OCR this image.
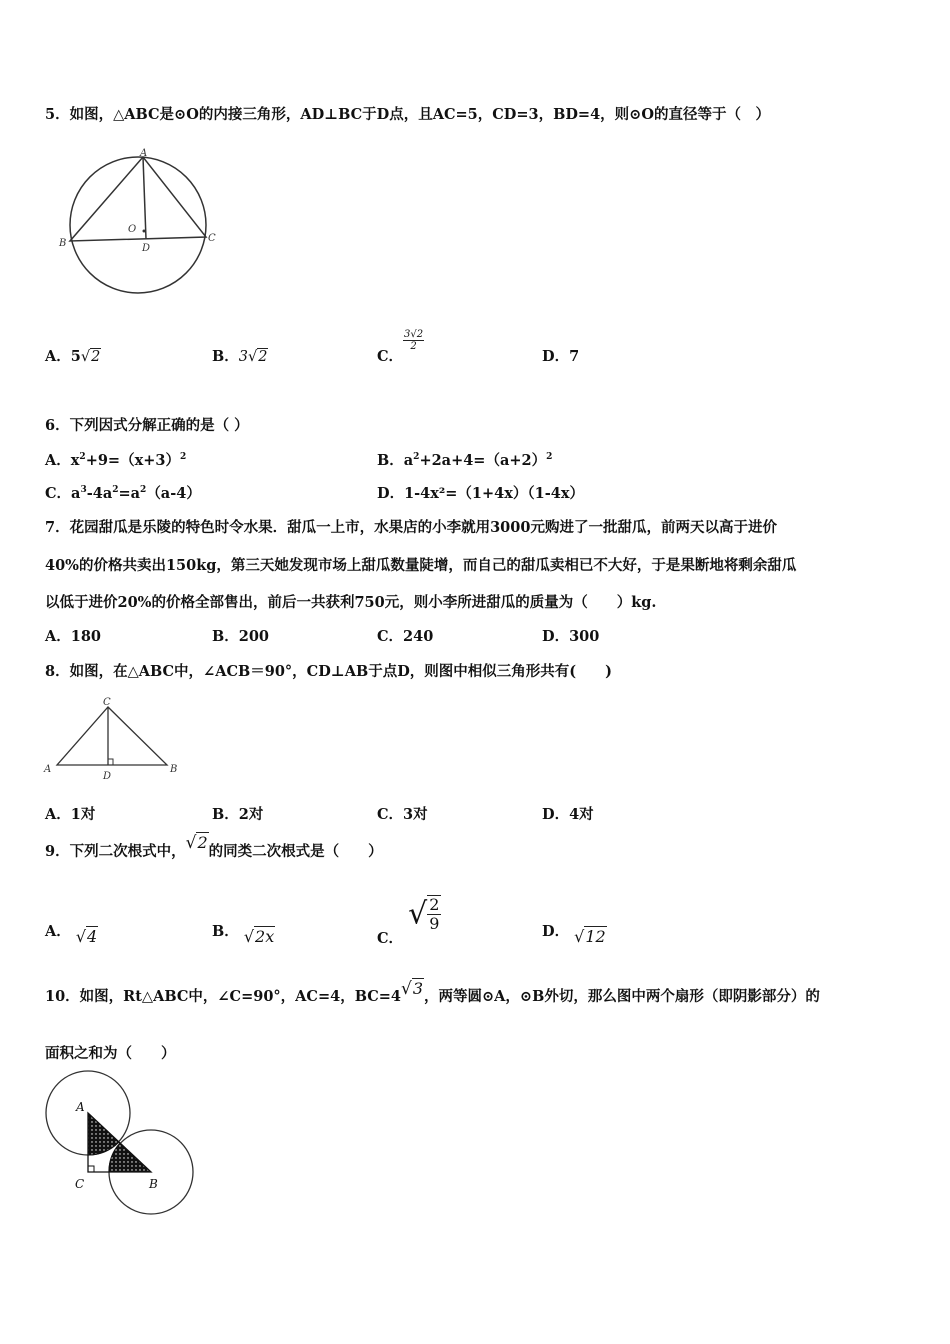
5．如图，△ABC是⊙O的内接三角形，AD⊥BC于D点，且AC=5，CD=3，BD=4，则⊙O的直径等于（　）
A
B	C
D
O
A．5√2	B．3√2	C．
$\frac{3√2}{2}$
D．7
6．下列因式分解正确的是（ ）
A．$x^2+9=(x+3)^2$	B．$a^2+2a+4=(a+2)^2$
C．$a^3-4a^2=a^2(a-4)$	D．1-4x²=（1+4x）（1-4x）
7．花园甜瓜是乐陵的特色时令水果．甜瓜一上市，水果店的小李就用3000元购进了一批甜瓜，前两天以高于进价
40%的价格共卖出150kg，第三天她发现市场上甜瓜数量陡增，而自己的甜瓜卖相已不大好，于是果断地将剩余甜瓜
以低于进价20%的价格全部售出，前后一共获利750元，则小李所进甜瓜的质量为（　　）kg.
A．180	B．200	C．240	D．300
8．如图，在△ABC中，∠ACB＝90°，CD⊥AB于点D，则图中相似三角形共有(　　)
A	B
C
D
A．1对	B．2对	C．3对	D．4对
9．下列二次根式中，√2的同类二次根式是（　　）
A． √4	B． √2x	C． √ $\frac{2}{9}$	D． √12
10．如图，Rt△ABC中，∠C=90°，AC=4，BC=4√3，两等圆⊙A，⊙B外切，那么图中两个扇形（即阴影部分）的
面积之和为（　　）
A
B
C
